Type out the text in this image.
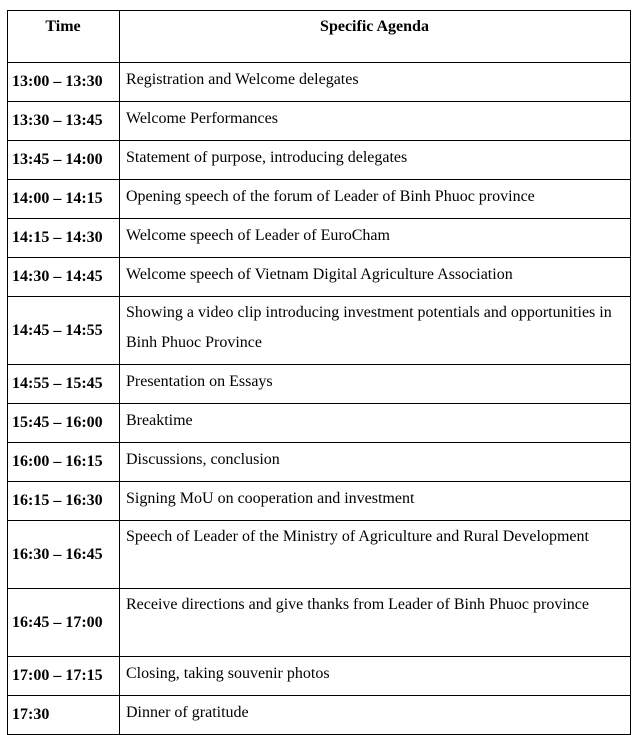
Time	Specific Agenda
13:00 – 13:30	Registration and Welcome delegates
13:30 – 13:45	Welcome Performances
13:45 – 14:00	Statement of purpose, introducing delegates
14:00 – 14:15	Opening speech of the forum of Leader of Binh Phuoc province
14:15 – 14:30	Welcome speech of Leader of EuroCham
14:30 – 14:45	Welcome speech of Vietnam Digital Agriculture Association
14:45 – 14:55	Showing a video clip introducing investment potentials and opportunities in Binh Phuoc Province
14:55 – 15:45	Presentation on Essays
15:45 – 16:00	Breaktime
16:00 – 16:15	Discussions, conclusion
16:15 – 16:30	Signing MoU on cooperation and investment
16:30 – 16:45	Speech of Leader of the Ministry of Agriculture and Rural Development
16:45 – 17:00	Receive directions and give thanks from Leader of Binh Phuoc province
17:00 – 17:15	Closing, taking souvenir photos
17:30	Dinner of gratitude
